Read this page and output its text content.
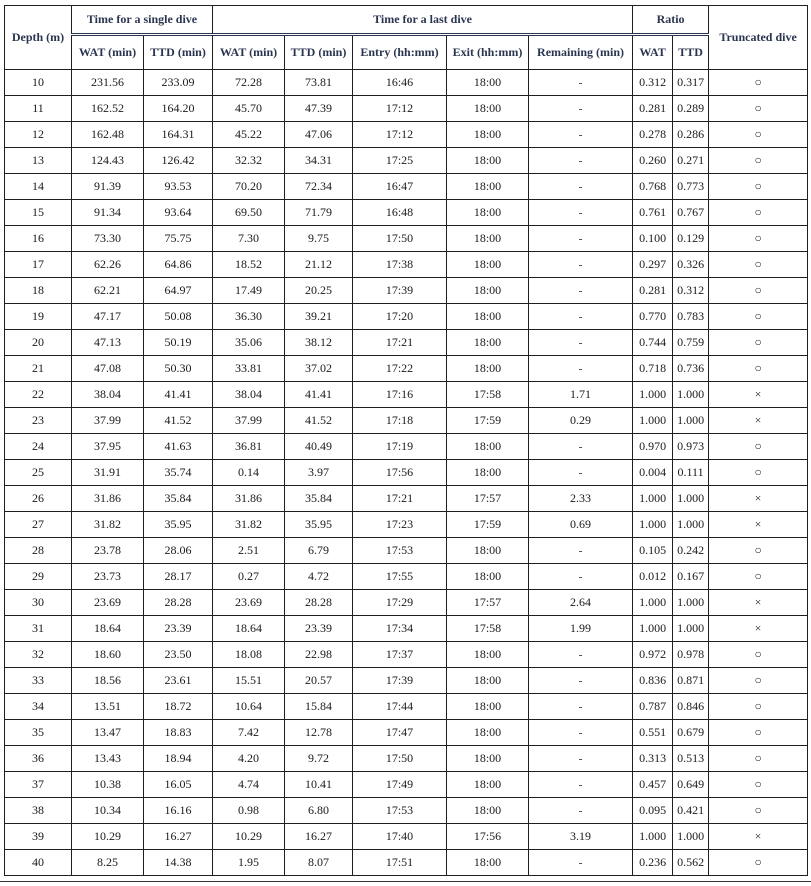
Depth (m)	Time for a single dive		Time for a last dive					Ratio		Truncated dive
	WAT (min)	TTD (min)	WAT (min)	TTD (min)	Entry (hh:mm)	Exit (hh:mm)	Remaining (min)	WAT	TTD	
10	231.56	233.09	72.28	73.81	16:46	18:00	-	0.312	0.317	○
11	162.52	164.20	45.70	47.39	17:12	18:00	-	0.281	0.289	○
12	162.48	164.31	45.22	47.06	17:12	18:00	-	0.278	0.286	○
13	124.43	126.42	32.32	34.31	17:25	18:00	-	0.260	0.271	○
14	91.39	93.53	70.20	72.34	16:47	18:00	-	0.768	0.773	○
15	91.34	93.64	69.50	71.79	16:48	18:00	-	0.761	0.767	○
16	73.30	75.75	7.30	9.75	17:50	18:00	-	0.100	0.129	○
17	62.26	64.86	18.52	21.12	17:38	18:00	-	0.297	0.326	○
18	62.21	64.97	17.49	20.25	17:39	18:00	-	0.281	0.312	○
19	47.17	50.08	36.30	39.21	17:20	18:00	-	0.770	0.783	○
20	47.13	50.19	35.06	38.12	17:21	18:00	-	0.744	0.759	○
21	47.08	50.30	33.81	37.02	17:22	18:00	-	0.718	0.736	○
22	38.04	41.41	38.04	41.41	17:16	17:58	1.71	1.000	1.000	×
23	37.99	41.52	37.99	41.52	17:18	17:59	0.29	1.000	1.000	×
24	37.95	41.63	36.81	40.49	17:19	18:00	-	0.970	0.973	○
25	31.91	35.74	0.14	3.97	17:56	18:00	-	0.004	0.111	○
26	31.86	35.84	31.86	35.84	17:21	17:57	2.33	1.000	1.000	×
27	31.82	35.95	31.82	35.95	17:23	17:59	0.69	1.000	1.000	×
28	23.78	28.06	2.51	6.79	17:53	18:00	-	0.105	0.242	○
29	23.73	28.17	0.27	4.72	17:55	18:00	-	0.012	0.167	○
30	23.69	28.28	23.69	28.28	17:29	17:57	2.64	1.000	1.000	×
31	18.64	23.39	18.64	23.39	17:34	17:58	1.99	1.000	1.000	×
32	18.60	23.50	18.08	22.98	17:37	18:00	-	0.972	0.978	○
33	18.56	23.61	15.51	20.57	17:39	18:00	-	0.836	0.871	○
34	13.51	18.72	10.64	15.84	17:44	18:00	-	0.787	0.846	○
35	13.47	18.83	7.42	12.78	17:47	18:00	-	0.551	0.679	○
36	13.43	18.94	4.20	9.72	17:50	18:00	-	0.313	0.513	○
37	10.38	16.05	4.74	10.41	17:49	18:00	-	0.457	0.649	○
38	10.34	16.16	0.98	6.80	17:53	18:00	-	0.095	0.421	○
39	10.29	16.27	10.29	16.27	17:40	17:56	3.19	1.000	1.000	×
40	8.25	14.38	1.95	8.07	17:51	18:00	-	0.236	0.562	○
